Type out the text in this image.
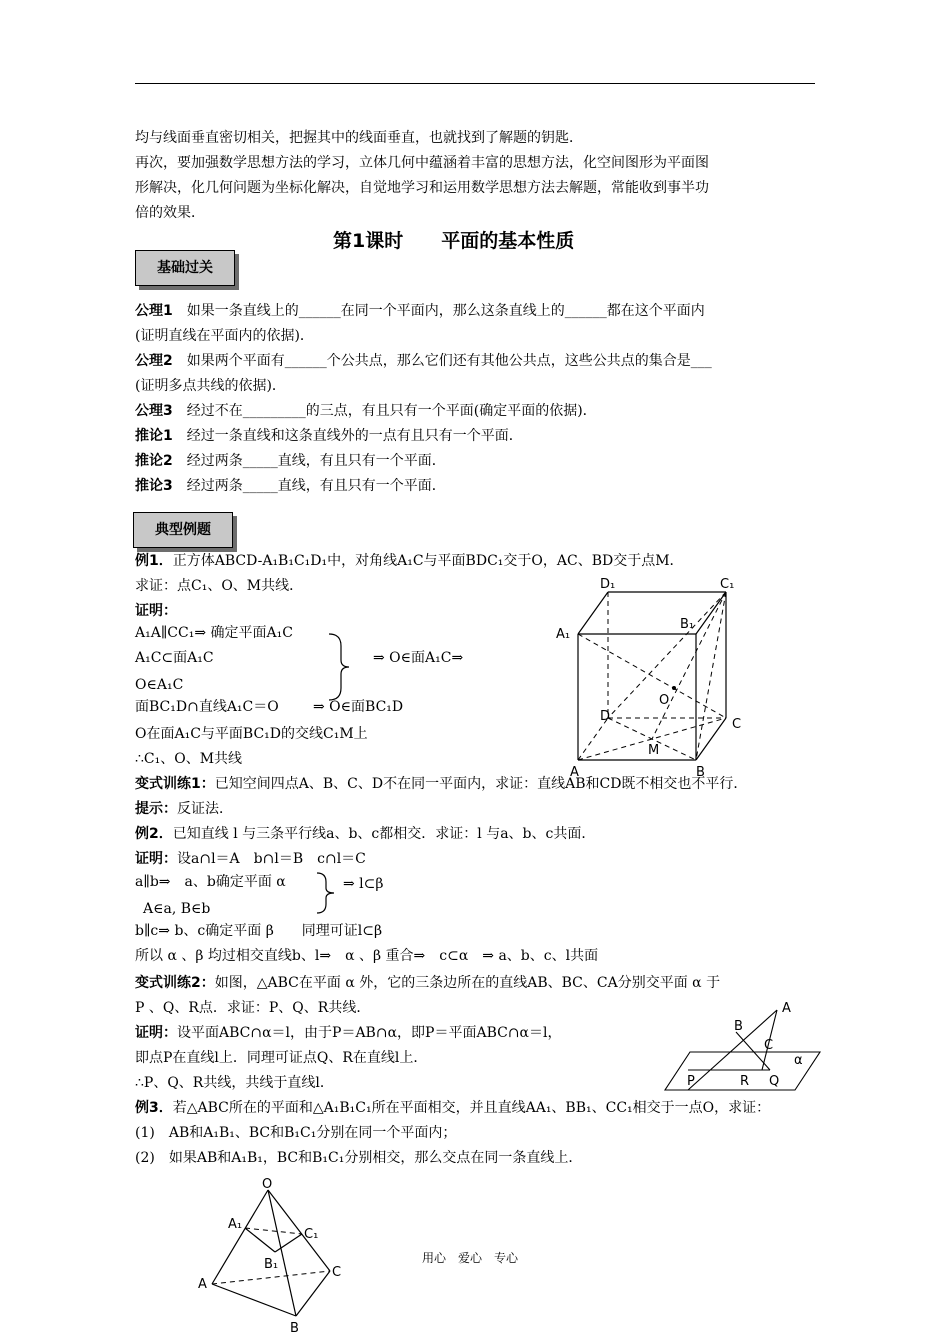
均与线面垂直密切相关，把握其中的线面垂直，也就找到了解题的钥匙．
再次，要加强数学思想方法的学习，立体几何中蕴涵着丰富的思想方法，化空间图形为平面图
形解决，化几何问题为坐标化解决，自觉地学习和运用数学思想方法去解题，常能收到事半功
倍的效果．
第1课时　　平面的基本性质
基础过关
公理1　如果一条直线上的______在同一个平面内，那么这条直线上的______都在这个平面内
(证明直线在平面内的依据)．
公理2　如果两个平面有______个公共点，那么它们还有其他公共点，这些公共点的集合是___
(证明多点共线的依据)．
公理3　经过不在_________的三点，有且只有一个平面(确定平面的依据)．
推论1　经过一条直线和这条直线外的一点有且只有一个平面．
推论2　经过两条_____直线，有且只有一个平面．
推论3　经过两条_____直线，有且只有一个平面．
典型例题
例1．正方体ABCD-A₁B₁C₁D₁中，对角线A₁C与平面BDC₁交于O，AC、BD交于点M．
求证：点C₁、O、M共线．
证明：
A₁A∥CC₁⇒ 确定平面A₁C
A₁C⊂面A₁C	⇒ O∈面A₁C⇒
O∈A₁C
面BC₁D∩直线A₁C＝O ⇒ O∈面BC₁D
O在面A₁C与平面BC₁D的交线C₁M上
∴C₁、O、M共线
变式训练1：已知空间四点A、B、C、D不在同一平面内，求证：直线AB和CD既不相交也不平行．
提示：反证法．
例2．已知直线 l 与三条平行线a、b、c都相交．求证：l 与a、b、c共面．
证明：设a∩l＝A　b∩l＝B　c∩l＝C
a∥b⇒　a、b确定平面 α	⇒ l⊂β
A∈a, B∈b
b∥c⇒ b、c确定平面 β　　同理可证l⊂β
所以 α 、β 均过相交直线b、l⇒　α 、β 重合⇒　c⊂α　⇒ a、b、c、l共面
变式训练2：如图，△ABC在平面 α 外，它的三条边所在的直线AB、BC、CA分别交平面 α 于
P 、Q、R点．求证：P、Q、R共线．
证明：设平面ABC∩α＝l，由于P＝AB∩α，即P＝平面ABC∩α＝l，
即点P在直线l上．同理可证点Q、R在直线l上．
∴P、Q、R共线，共线于直线l．
例3．若△ABC所在的平面和△A₁B₁C₁所在平面相交，并且直线AA₁、BB₁、CC₁相交于一点O，求证：
(1)　AB和A₁B₁、BC和B₁C₁分别在同一个平面内；
(2)　如果AB和A₁B₁，BC和B₁C₁分别相交，那么交点在同一条直线上．
D₁	C₁
B₁
A₁
O
D
C
M
A	B
A
B
C
α
P	R Q
O
A₁
C₁
B₁
A
C
B
用心　爱心　专心
